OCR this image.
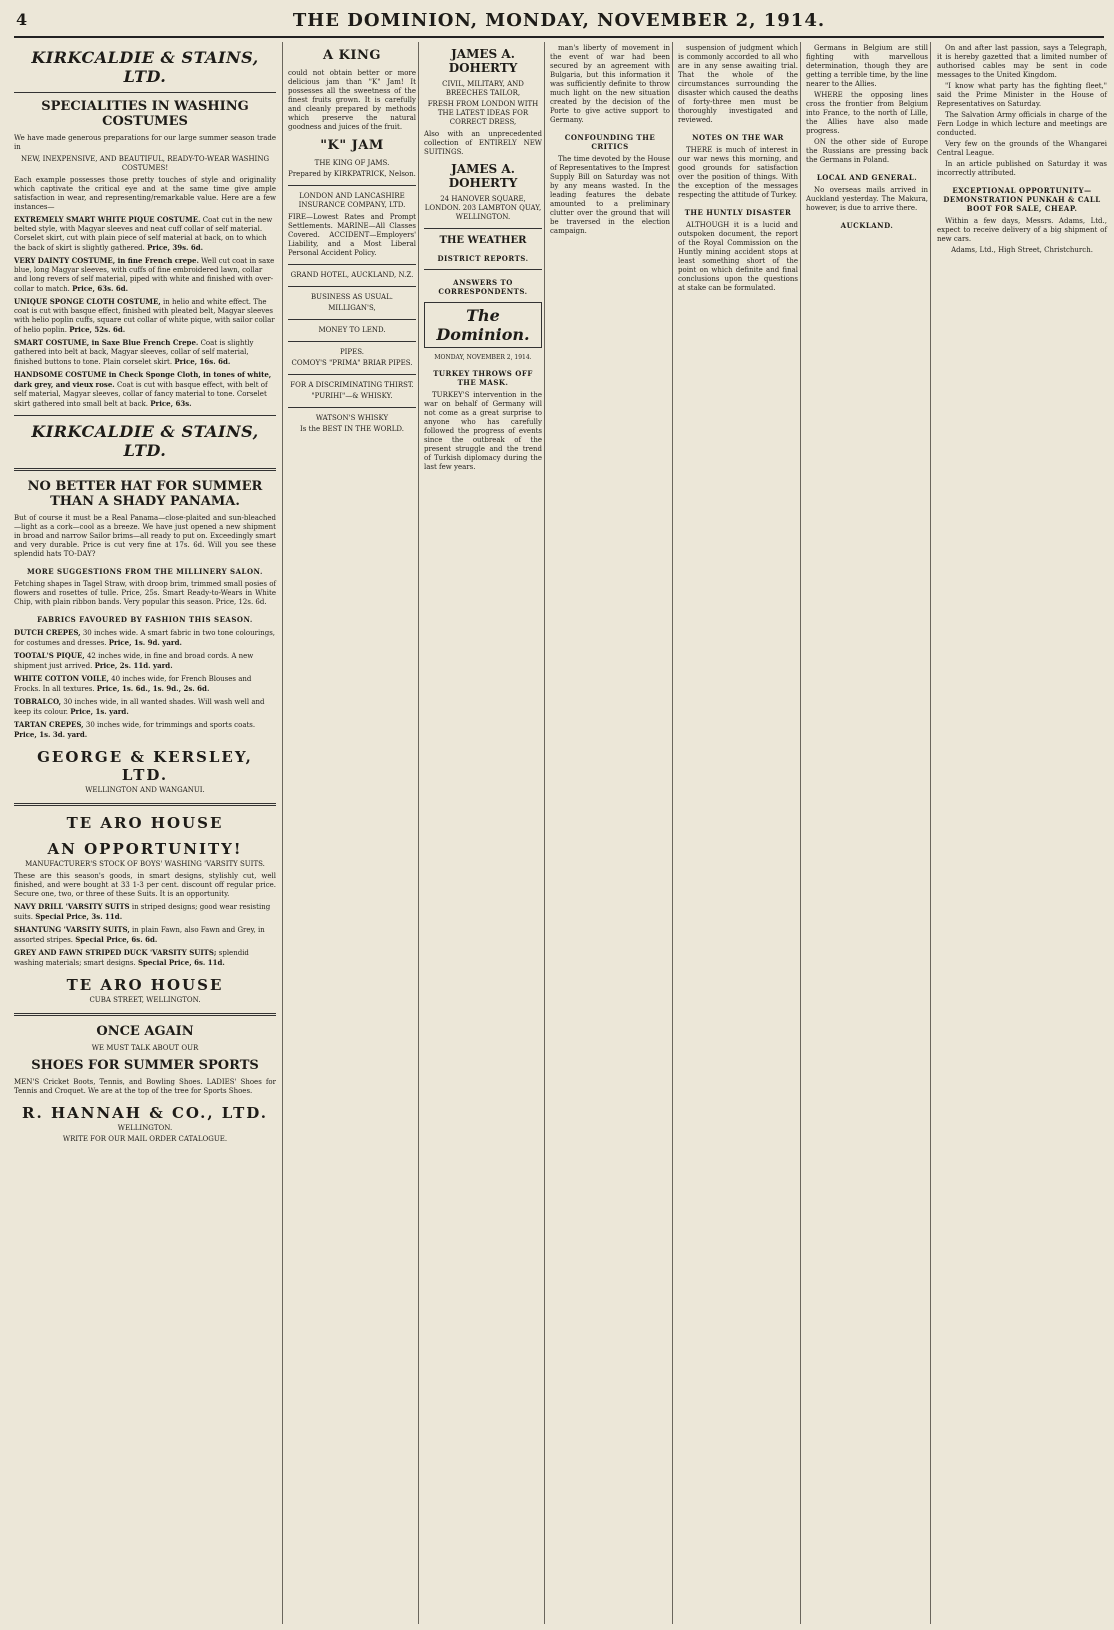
4	THE DOMINION, MONDAY, NOVEMBER 2, 1914.
KIRKCALDIE & STAINS, LTD.
SPECIALITIES IN WASHING COSTUMES
We have made generous preparations for our large summer season trade in
NEW, INEXPENSIVE, AND BEAUTIFUL, READY-TO-WEAR WASHING COSTUMES!
Each example possesses those pretty touches of style and originality which captivate the critical eye and at the same time give ample satisfaction in wear, and representing/remarkable value. Here are a few instances—
EXTREMELY SMART WHITE PIQUE COSTUME. Coat cut in the new belted style, with Magyar sleeves and neat cuff collar of self material. Corselet skirt, cut with plain piece of self material at back, on to which the back of skirt is slightly gathered. Price, 39s. 6d.
VERY DAINTY COSTUME, in fine French crepe. Well cut coat in saxe blue, long Magyar sleeves, with cuffs of fine embroidered lawn, collar and long revers of self material, piped with white and finished with over-collar to match. Price, 63s. 6d.
UNIQUE SPONGE CLOTH COSTUME, in helio and white effect. The coat is cut with basque effect, finished with pleated belt, Magyar sleeves with helio poplin cuffs, square cut collar of white pique, with sailor collar of helio poplin. Price, 52s. 6d.
SMART COSTUME, in Saxe Blue French Crepe. Coat is slightly gathered into belt at back, Magyar sleeves, collar of self material, finished buttons to tone. Plain corselet skirt. Price, 16s. 6d.
HANDSOME COSTUME in Check Sponge Cloth, in tones of white, dark grey, and vieux rose. Coat is cut with basque effect, with belt of self material, Magyar sleeves, collar of fancy material to tone. Corselet skirt gathered into small belt at back. Price, 63s.
KIRKCALDIE & STAINS, LTD.
NO BETTER HAT FOR SUMMER THAN A SHADY PANAMA.
But of course it must be a Real Panama—close-plaited and sun-bleached—light as a cork—cool as a breeze. We have just opened a new shipment in broad and narrow Sailor brims—all ready to put on. Exceedingly smart and very durable. Price is cut very fine at 17s. 6d. Will you see these splendid hats TO-DAY?
MORE SUGGESTIONS FROM THE MILLINERY SALON.
Fetching shapes in Tagel Straw, with droop brim, trimmed small posies of flowers and rosettes of tulle. Price, 25s. Smart Ready-to-Wears in White Chip, with plain ribbon bands. Very popular this season. Price, 12s. 6d.
FABRICS FAVOURED BY FASHION THIS SEASON.
DUTCH CREPES, 30 inches wide. A smart fabric in two tone colourings, for costumes and dresses. Price, 1s. 9d. yard.
TOOTAL'S PIQUE, 42 inches wide, in fine and broad cords. A new shipment just arrived. Price, 2s. 11d. yard.
WHITE COTTON VOILE, 40 inches wide, for French Blouses and Frocks. In all textures. Price, 1s. 6d., 1s. 9d., 2s. 6d.
TOBRALCO, 30 inches wide, in all wanted shades. Will wash well and keep its colour. Price, 1s. yard.
TARTAN CREPES, 30 inches wide, for trimmings and sports coats. Price, 1s. 3d. yard.
GEORGE & KERSLEY, LTD.
WELLINGTON AND WANGANUI.
TE ARO HOUSE
AN OPPORTUNITY!
MANUFACTURER'S STOCK OF BOYS' WASHING 'VARSITY SUITS.
These are this season's goods, in smart designs, stylishly cut, well finished, and were bought at 33 1-3 per cent. discount off regular price. Secure one, two, or three of these Suits. It is an opportunity.
NAVY DRILL 'VARSITY SUITS in striped designs; good wear resisting suits. Special Price, 3s. 11d.
SHANTUNG 'VARSITY SUITS, in plain Fawn, also Fawn and Grey, in assorted stripes. Special Price, 6s. 6d.
GREY AND FAWN STRIPED DUCK 'VARSITY SUITS; splendid washing materials; smart designs. Special Price, 6s. 11d.
TE ARO HOUSE
CUBA STREET, WELLINGTON.
ONCE AGAIN
WE MUST TALK ABOUT OUR
SHOES FOR SUMMER SPORTS
MEN'S Cricket Boots, Tennis, and Bowling Shoes. LADIES' Shoes for Tennis and Croquet. We are at the top of the tree for Sports Shoes.
R. HANNAH & CO., LTD.
WELLINGTON.
WRITE FOR OUR MAIL ORDER CATALOGUE.
A KING
could not obtain better or more delicious jam than "K" Jam! It possesses all the sweetness of the finest fruits grown. It is carefully and cleanly prepared by methods which preserve the natural goodness and juices of the fruit.
"K" JAM
THE KING OF JAMS.
Prepared by KIRKPATRICK, Nelson.
LONDON AND LANCASHIRE INSURANCE COMPANY, LTD.
FIRE—Lowest Rates and Prompt Settlements. MARINE—All Classes Covered. ACCIDENT—Employers' Liability, and a Most Liberal Personal Accident Policy.
GRAND HOTEL, AUCKLAND, N.Z.
BUSINESS AS USUAL.
MILLIGAN'S,
MONEY TO LEND.
PIPES.
COMOY'S "PRIMA" BRIAR PIPES.
FOR A DISCRIMINATING THIRST.
"PURIHI"—& WHISKY.
WATSON'S WHISKY
Is the BEST IN THE WORLD.
JAMES A. DOHERTY
CIVIL, MILITARY, AND BREECHES TAILOR,
FRESH FROM LONDON WITH THE LATEST IDEAS FOR CORRECT DRESS,
Also with an unprecedented collection of ENTIRELY NEW SUITINGS.
JAMES A. DOHERTY
24 HANOVER SQUARE, LONDON. 203 LAMBTON QUAY, WELLINGTON.
THE WEATHER
DISTRICT REPORTS.
ANSWERS TO CORRESPONDENTS.
The Dominion.
MONDAY, NOVEMBER 2, 1914.
TURKEY THROWS OFF THE MASK.
TURKEY'S intervention in the war on behalf of Germany will not come as a great surprise to anyone who has carefully followed the progress of events since the outbreak of the present struggle and the trend of Turkish diplomacy during the last few years.
man's liberty of movement in the event of war had been secured by an agreement with Bulgaria, but this information it was sufficiently definite to throw much light on the new situation created by the decision of the Porte to give active support to Germany.
CONFOUNDING THE CRITICS
The time devoted by the House of Representatives to the Imprest Supply Bill on Saturday was not by any means wasted. In the leading features the debate amounted to a preliminary clutter over the ground that will be traversed in the election campaign.
suspension of judgment which is commonly accorded to all who are in any sense awaiting trial. That the whole of the circumstances surrounding the disaster which caused the deaths of forty-three men must be thoroughly investigated and reviewed.
NOTES ON THE WAR
THERE is much of interest in our war news this morning, and good grounds for satisfaction over the position of things. With the exception of the messages respecting the attitude of Turkey.
THE HUNTLY DISASTER
ALTHOUGH it is a lucid and outspoken document, the report of the Royal Commission on the Huntly mining accident stops at least something short of the point on which definite and final conclusions upon the questions at stake can be formulated.
Germans in Belgium are still fighting with marvellous determination, though they are getting a terrible time, by the line nearer to the Allies.
WHERE the opposing lines cross the frontier from Belgium into France, to the north of Lille, the Allies have also made progress.
ON the other side of Europe the Russians are pressing back the Germans in Poland.
LOCAL AND GENERAL.
No overseas mails arrived in Auckland yesterday. The Makura, however, is due to arrive there.
AUCKLAND.
On and after last passion, says a Telegraph, it is hereby gazetted that a limited number of authorised cables may be sent in code messages to the United Kingdom.
"I know what party has the fighting fleet," said the Prime Minister in the House of Representatives on Saturday.
The Salvation Army officials in charge of the Fern Lodge in which lecture and meetings are conducted.
Very few on the grounds of the Whangarei Central League.
In an article published on Saturday it was incorrectly attributed.
EXCEPTIONAL OPPORTUNITY—DEMONSTRATION PUNKAH & CALL BOOT FOR SALE, CHEAP.
Within a few days, Messrs. Adams, Ltd., expect to receive delivery of a big shipment of new cars.
Adams, Ltd., High Street, Christchurch.
